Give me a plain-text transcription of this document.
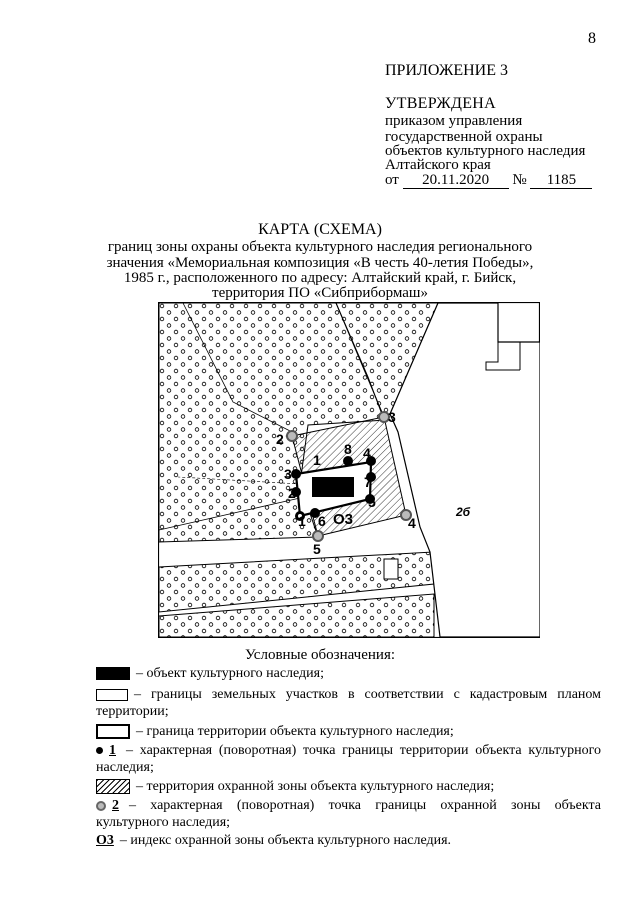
8
ПРИЛОЖЕНИЕ 3
УТВЕРЖДЕНА
приказом управления
государственной охраны
объектов культурного наследия
Алтайского края
от 20.11.2020 № 1185
КАРТА (СХЕМА)
границ зоны охраны объекта культурного наследия регионального
значения «Мемориальная композиция «В честь 40-летия Победы»,
1985 г., расположенного по адресу: Алтайский край, г. Бийск,
территория ПО «Сибприбормаш»
2
3
4
5
1
3
2
8 4
7
5
1 6 О3	2б
Условные обозначения:
– объект культурного наследия;
– границы земельных участков в соответствии с кадастровым планом территории;
– граница территории объекта культурного наследия;
1 – характерная (поворотная) точка границы территории объекта культурного наследия;
– территория охранной зоны объекта культурного наследия;
2 – характерная (поворотная) точка границы охранной зоны объекта культурного наследия;
О3 – индекс охранной зоны объекта культурного наследия.
